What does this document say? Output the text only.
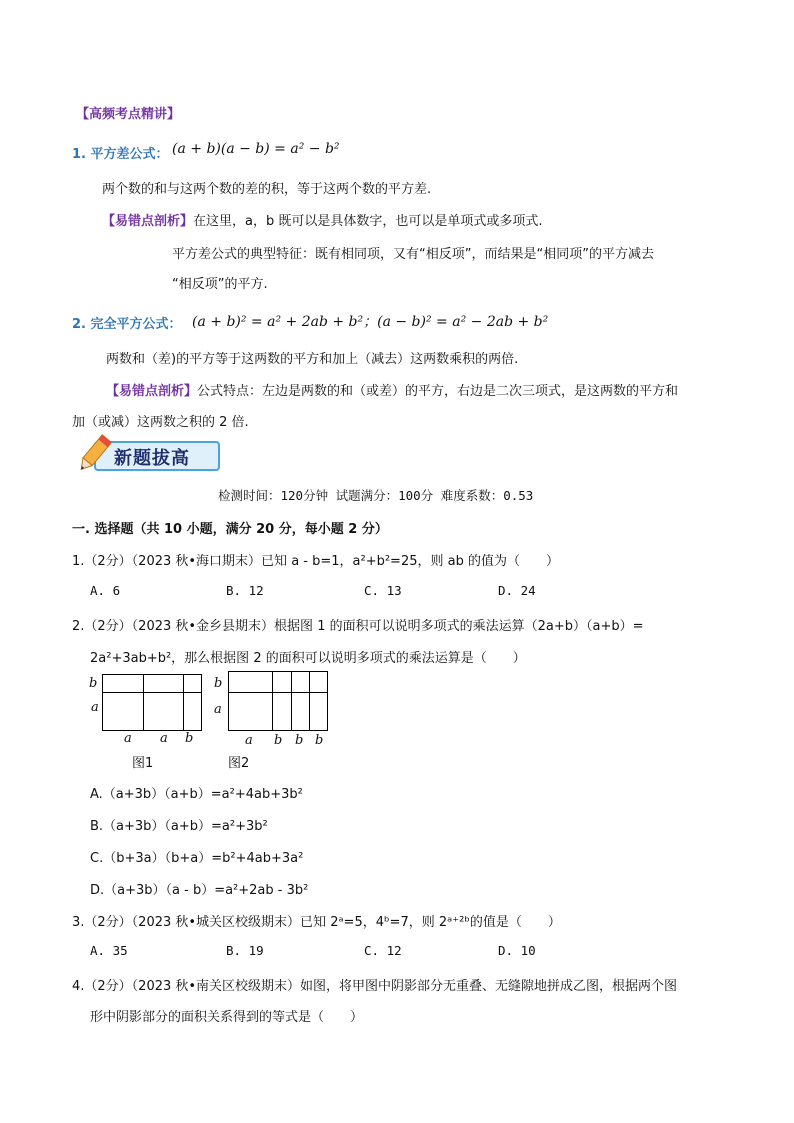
【高频考点精讲】
1. 平方差公式： (a + b)(a − b) = a² − b²
两个数的和与这两个数的差的积，等于这两个数的平方差.
【易错点剖析】在这里，a，b 既可以是具体数字，也可以是单项式或多项式.
平方差公式的典型特征：既有相同项，又有“相反项”，而结果是“相同项”的平方减去
“相反项”的平方.
2. 完全平方公式： (a + b)² = a² + 2ab + b²；(a − b)² = a² − 2ab + b²
两数和（差)的平方等于这两数的平方和加上（减去）这两数乘积的两倍.
【易错点剖析】公式特点：左边是两数的和（或差）的平方，右边是二次三项式，是这两数的平方和
加（或减）这两数之积的 2 倍.
新题拔高
检测时间：120分钟 试题满分：100分 难度系数：0.53
一. 选择题（共 10 小题，满分 20 分，每小题 2 分）
1.（2分）（2023 秋•海口期末）已知 a - b=1，a²+b²=25，则 ab 的值为（　　）
A. 6	B. 12	C. 13	D. 24
2.（2分）（2023 秋•金乡县期末）根据图 1 的面积可以说明多项式的乘法运算（2a+b）（a+b）=
2a²+3ab+b²，那么根据图 2 的面积可以说明多项式的乘法运算是（　　）
b
a
a a b
图1
b
a
a b b b
图2
A.（a+3b）（a+b）=a²+4ab+3b²
B.（a+3b）（a+b）=a²+3b²
C.（b+3a）（b+a）=b²+4ab+3a²
D.（a+3b）（a - b）=a²+2ab - 3b²
3.（2分）（2023 秋•城关区校级期末）已知 2ᵃ=5，4ᵇ=7，则 2ᵃ⁺²ᵇ的值是（　　）
A. 35	B. 19	C. 12	D. 10
4.（2分）（2023 秋•南关区校级期末）如图，将甲图中阴影部分无重叠、无缝隙地拼成乙图，根据两个图
形中阴影部分的面积关系得到的等式是（　　）
